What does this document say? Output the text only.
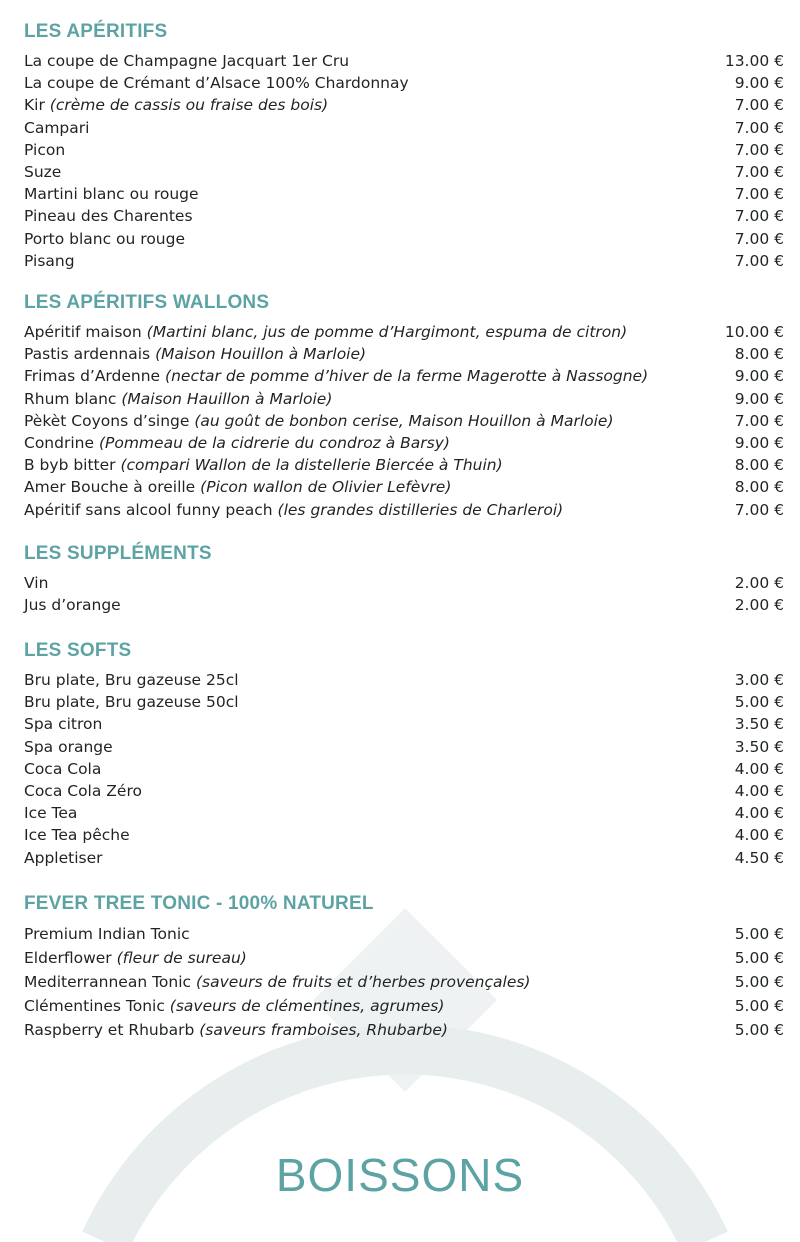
LES APÉRITIFS
La coupe de Champagne Jacquart 1er Cru	13.00 €
La coupe de Crémant d’Alsace 100% Chardonnay	9.00 €
Kir (crème de cassis ou fraise des bois)	7.00 €
Campari	7.00 €
Picon	7.00 €
Suze	7.00 €
Martini blanc ou rouge	7.00 €
Pineau des Charentes	7.00 €
Porto blanc ou rouge	7.00 €
Pisang	7.00 €
LES APÉRITIFS WALLONS
Apéritif maison (Martini blanc, jus de pomme d’Hargimont, espuma de citron)	10.00 €
Pastis ardennais (Maison Houillon à Marloie)	8.00 €
Frimas d’Ardenne (nectar de pomme d’hiver de la ferme Magerotte à Nassogne)	9.00 €
Rhum blanc (Maison Hauillon à Marloie)	9.00 €
Pèkèt Coyons d’singe (au goût de bonbon cerise, Maison Houillon à Marloie)	7.00 €
Condrine (Pommeau de la cidrerie du condroz à Barsy)	9.00 €
B byb bitter (compari Wallon de la distellerie Biercée à Thuin)	8.00 €
Amer Bouche à oreille (Picon wallon de Olivier Lefèvre)	8.00 €
Apéritif sans alcool funny peach (les grandes distilleries de Charleroi)	7.00 €
LES SUPPLÉMENTS
Vin	2.00 €
Jus d’orange	2.00 €
LES SOFTS
Bru plate, Bru gazeuse 25cl	3.00 €
Bru plate, Bru gazeuse 50cl	5.00 €
Spa citron	3.50 €
Spa orange	3.50 €
Coca Cola	4.00 €
Coca Cola Zéro	4.00 €
Ice Tea	4.00 €
Ice Tea pêche	4.00 €
Appletiser	4.50 €
FEVER TREE TONIC - 100% NATUREL
Premium Indian Tonic	5.00 €
Elderflower (fleur de sureau)	5.00 €
Mediterrannean Tonic (saveurs de fruits et d’herbes provençales)	5.00 €
Clémentines Tonic (saveurs de clémentines, agrumes)	5.00 €
Raspberry et Rhubarb (saveurs framboises, Rhubarbe)	5.00 €
BOISSONS
